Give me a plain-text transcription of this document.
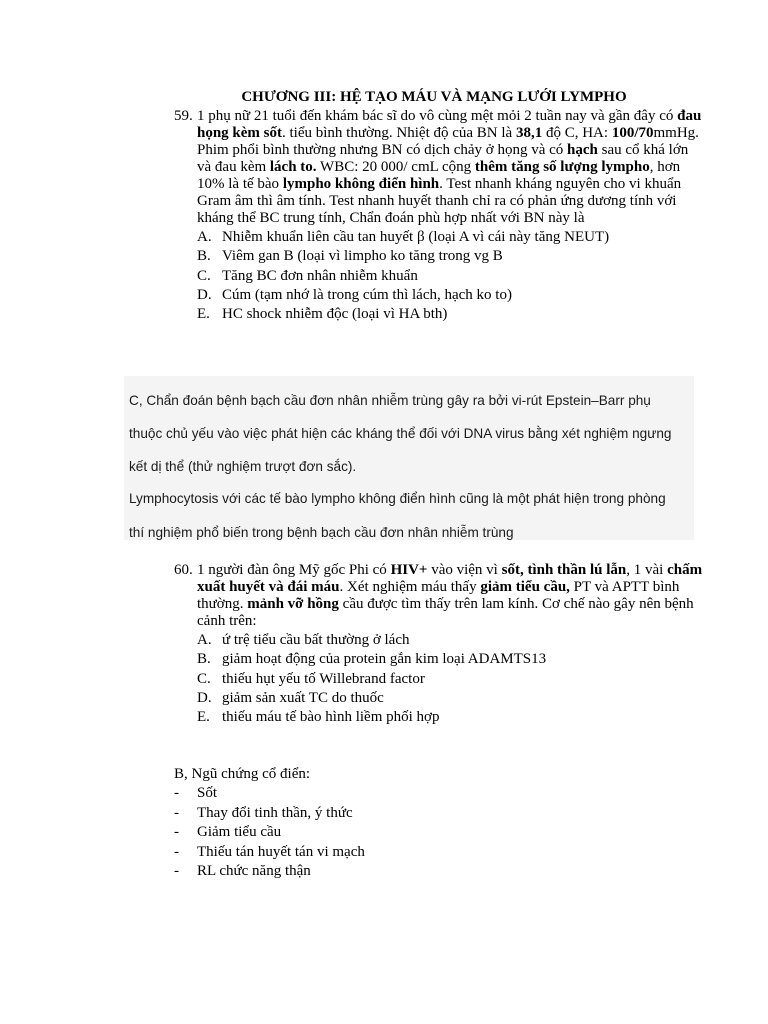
CHƯƠNG III: HỆ TẠO MÁU VÀ MẠNG LƯỚI LYMPHO
59. 1 phụ nữ 21 tuổi đến khám bác sĩ do vô cùng mệt mỏi 2 tuần nay và gần đây có đau họng kèm sốt. tiểu bình thường. Nhiệt độ của BN là 38,1 độ C, HA: 100/70mmHg. Phim phổi bình thường nhưng BN có dịch chảy ở họng và có hạch sau cổ khá lớn và đau kèm lách to. WBC: 20 000/ cmL cộng thêm tăng số lượng lympho, hơn 10% là tế bào lympho không điển hình. Test nhanh kháng nguyên cho vi khuẩn Gram âm thì âm tính. Test nhanh huyết thanh chỉ ra có phản ứng dương tính với kháng thể BC trung tính, Chẩn đoán phù hợp nhất với BN này là
A. Nhiễm khuẩn liên cầu tan huyết β (loại A vì cái này tăng NEUT)
B. Viêm gan B (loại vì limpho ko tăng trong vg B
C. Tăng BC đơn nhân nhiễm khuẩn
D. Cúm (tạm nhớ là trong cúm thì lách, hạch ko to)
E. HC shock nhiễm độc (loại vì HA bth)
C, Chẩn đoán bệnh bạch cầu đơn nhân nhiễm trùng gây ra bởi vi-rút Epstein–Barr phụ
thuộc chủ yếu vào việc phát hiện các kháng thể đối với DNA virus bằng xét nghiệm ngưng
kết dị thể (thử nghiệm trượt đơn sắc).
Lymphocytosis với các tế bào lympho không điển hình cũng là một phát hiện trong phòng
thí nghiệm phổ biến trong bệnh bạch cầu đơn nhân nhiễm trùng
60. 1 người đàn ông Mỹ gốc Phi có HIV+ vào viện vì sốt, tình thần lú lẫn, 1 vài chấm xuất huyết và đái máu. Xét nghiệm máu thấy giảm tiểu cầu, PT và APTT bình thường. mảnh vỡ hồng cầu được tìm thấy trên lam kính. Cơ chế nào gây nên bệnh cảnh trên:
A. ứ trệ tiểu cầu bất thường ở lách
B. giảm hoạt động của protein gắn kim loại ADAMTS13
C. thiếu hụt yếu tố Willebrand factor
D. giảm sản xuất TC do thuốc
E. thiếu máu tế bào hình liềm phối hợp
B, Ngũ chứng cổ điển:
-	Sốt
-	Thay đổi tinh thần, ý thức
-	Giảm tiểu cầu
-	Thiếu tán huyết tán vi mạch
-	RL chức năng thận
